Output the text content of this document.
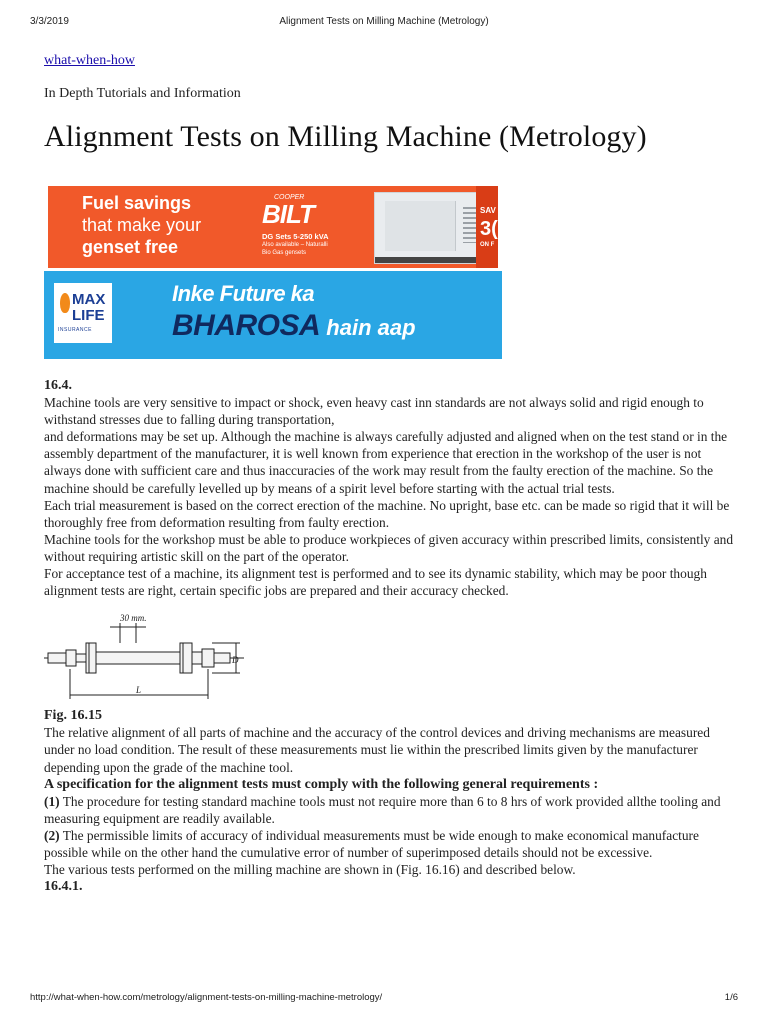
3/3/2019	Alignment Tests on Milling Machine (Metrology)
what-when-how
In Depth Tutorials and Information
Alignment Tests on Milling Machine (Metrology)
Fuel savings
that make your
genset free
COOPER
BILT
DG Sets 5-250 kVA
Also available – Naturalli
Bio Gas gensets
SAV
3(
ON F
MAX
LIFE
INSURANCE
Inke Future ka
BHAROSA hain aap

16.4.

Machine tools are very sensitive to impact or shock, even heavy cast inn standards are not always solid and rigid enough to withstand stresses due to falling during transportation,

and deformations may be set up. Although the machine is always carefully adjusted and aligned when on the test stand or in the assembly department of the manufacturer, it is well known from experience that erection in the workshop of the user is not always done with sufficient care and thus inaccuracies of the work may result from the faulty erection of the machine. So the machine should be carefully levelled up by means of a spirit level before starting with the actual trial tests.

Each trial measurement is based on the correct erection of the machine. No upright, base etc. can be made so rigid that it will be thoroughly free from deformation resulting from faulty erection.

Machine tools for the workshop must be able to produce workpieces of given accuracy within prescribed limits, consistently and without requiring artistic skill on the part of the operator.

For acceptance test of a machine, its alignment test is performed and to see its dynamic stability, which may be poor though alignment tests are right, certain specific jobs are prepared and their accuracy checked.

30 mm.
D
L

Fig. 16.15

The relative alignment of all parts of machine and the accuracy of the control devices and driving mechanisms are measured under no load condition. The result of these measurements must lie within the prescribed limits given by the manufacturer depending upon the grade of the machine tool.

A specification for the alignment tests must comply with the following general requirements :

(1) The procedure for testing standard machine tools must not require more than 6 to 8 hrs of work provided allthe tooling and measuring equipment are readily available.

(2) The permissible limits of accuracy of individual measurements must be wide enough to make economical manufacture possible while on the other hand the cumulative error of number of superimposed details should not be excessive.

The various tests performed on the milling machine are shown in (Fig. 16.16) and described below.

16.4.1.

http://what-when-how.com/metrology/alignment-tests-on-milling-machine-metrology/	1/6
